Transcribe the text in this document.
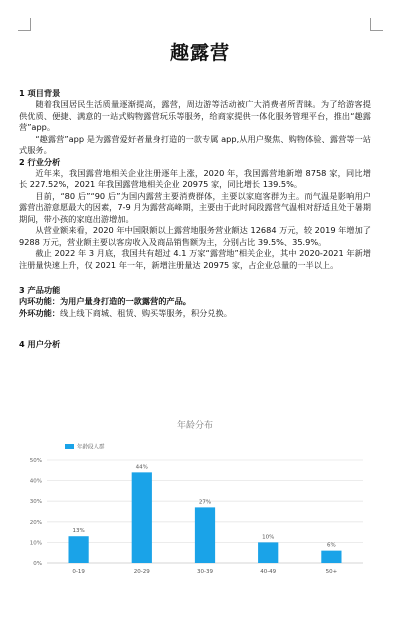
趣露营
1 项目背景

随着我国居民生活质量逐渐提高，露营，周边游等活动被广大消费者所青睐。为了给游客提供优质、便捷、满意的一站式购物露营玩乐等服务，给商家提供一体化服务管理平台，推出“趣露营”app。

“趣露营”app 是为露营爱好者量身打造的一款专属 app,从用户聚焦、购物体验、露营等一站式服务。

2 行业分析

近年来，我国露营地相关企业注册逐年上涨，2020 年，我国露营地新增 8758 家，同比增长 227.52%，2021 年我国露营地相关企业 20975 家，同比增长 139.5%。

目前，“80 后”“90 后”为国内露营主要消费群体，主要以家庭客群为主。而气温是影响用户露营出游意愿最大的因素，7-9 月为露营高峰期，主要由于此时间段露营气温相对舒适且处于暑期期间，带小孩的家庭出游增加。

从营业额来看，2020 年中国限额以上露营地服务营业额达 12684 万元，较 2019 年增加了 9288 万元，营业额主要以客房收入及商品销售额为主，分别占比 39.5%、35.9%。

截止 2022 年 3 月底，我国共有超过 4.1 万家“露营地”相关企业，其中 2020-2021 年新增注册量快速上升，仅 2021 年一年，新增注册量达 20975 家，占企业总量的一半以上。

3 产品功能

内环功能：为用户量身打造的一款露营的产品。

外环功能：线上线下商城、租赁、购买等服务，积分兑换。

4 用户分析
年龄分布
0%
10%
20%
30%
40%
50%
年龄段人群
13%
0-19
44%
20-29
27%
30-39
10%
40-49
6%
50+
